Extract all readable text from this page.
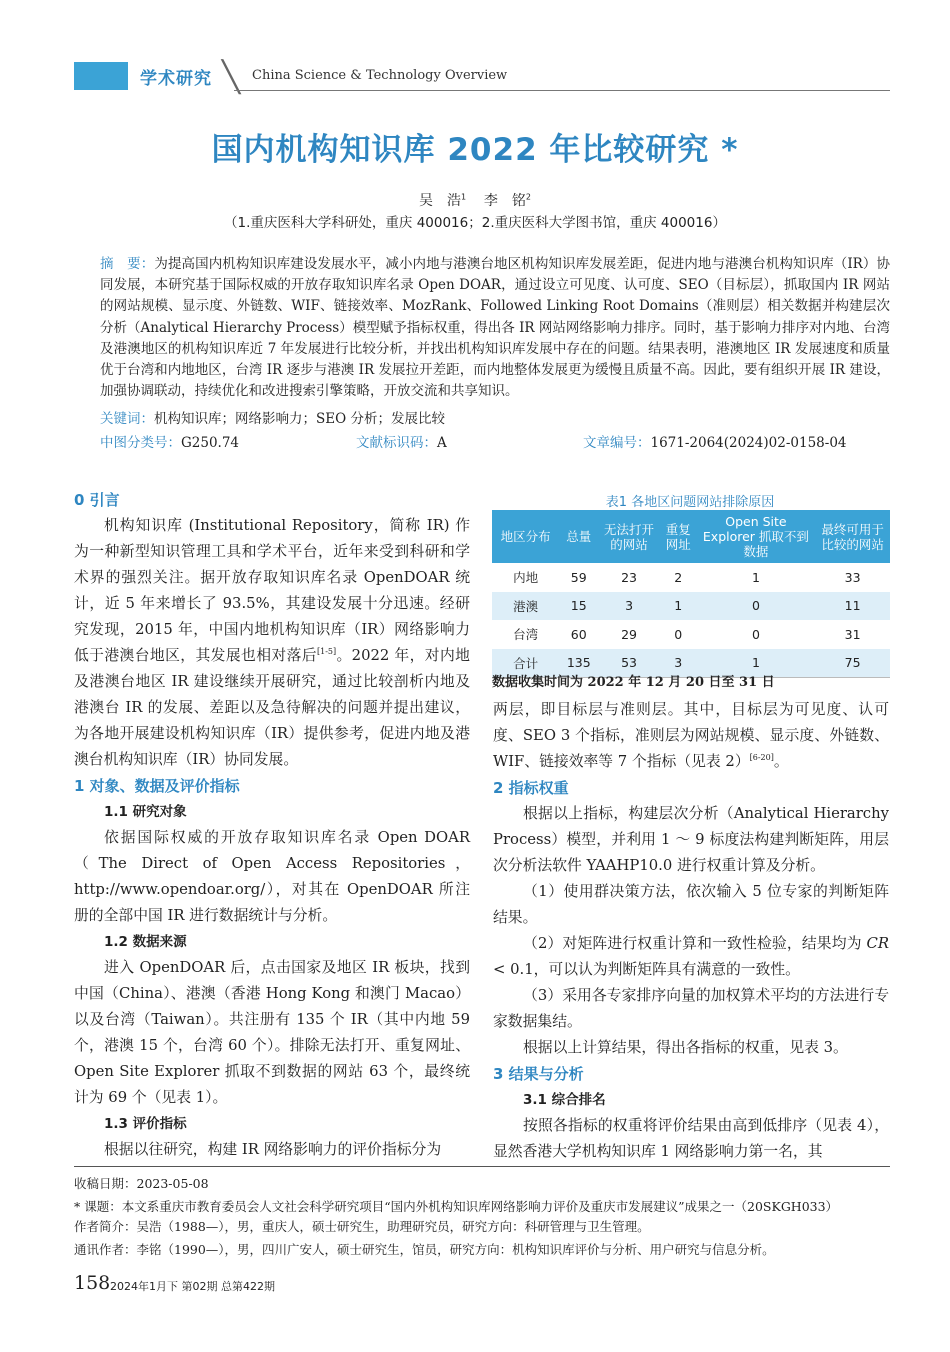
学术研究 ╲ China Science & Technology Overview
国内机构知识库 2022 年比较研究 *
吴　浩$^1$ 李　铭$^2$
（1.重庆医科大学科研处，重庆 400016；2.重庆医科大学图书馆，重庆 400016）
摘　要：为提高国内机构知识库建设发展水平，减小内地与港澳台地区机构知识库发展差距，促进内地与港澳台机构知识库（IR）协同发展，本研究基于国际权威的开放存取知识库名录 Open DOAR，通过设立可见度、认可度、SEO（目标层），抓取国内 IR 网站的网站规模、显示度、外链数、WIF、链接效率、MozRank、Followed Linking Root Domains（准则层）相关数据并构建层次分析（Analytical Hierarchy Process）模型赋予指标权重，得出各 IR 网站网络影响力排序。同时，基于影响力排序对内地、台湾及港澳地区的机构知识库近 7 年发展进行比较分析，并找出机构知识库发展中存在的问题。结果表明，港澳地区 IR 发展速度和质量优于台湾和内地地区，台湾 IR 逐步与港澳 IR 发展拉开差距，而内地整体发展更为缓慢且质量不高。因此，要有组织开展 IR 建设，加强协调联动，持续优化和改进搜索引擎策略，开放交流和共享知识。
关键词：机构知识库；网络影响力；SEO 分析；发展比较
中图分类号：G250.74	文献标识码：A	文章编号：1671-2064(2024)02-0158-04
0 引言

机构知识库 (Institutional Repository，简称 IR) 作为一种新型知识管理工具和学术平台，近年来受到科研和学术界的强烈关注。据开放存取知识库名录 OpenDOAR 统计，近 5 年来增长了 93.5%，其建设发展十分迅速。经研究发现，2015 年，中国内地机构知识库（IR）网络影响力低于港澳台地区，其发展也相对落后[1-5]。2022 年，对内地及港澳台地区 IR 建设继续开展研究，通过比较剖析内地及港澳台 IR 的发展、差距以及急待解决的问题并提出建议，为各地开展建设机构知识库（IR）提供参考，促进内地及港澳台机构知识库（IR）协同发展。

1 对象、数据及评价指标
1.1 研究对象

依据国际权威的开放存取知识库名录 Open DOAR（The Direct of Open Access Repositories，http://www.opendoar.org/），对其在 OpenDOAR 所注册的全部中国 IR 进行数据统计与分析。

1.2 数据来源

进入 OpenDOAR 后，点击国家及地区 IR 板块，找到中国（China）、港澳（香港 Hong Kong 和澳门 Macao）以及台湾（Taiwan）。共注册有 135 个 IR（其中内地 59 个，港澳 15 个，台湾 60 个）。排除无法打开、重复网址、Open Site Explorer 抓取不到数据的网站 63 个，最终统计为 69 个（见表 1）。

1.3 评价指标

根据以往研究，构建 IR 网络影响力的评价指标分为

表1 各地区问题网站排除原因
地区分布	总量	无法打开的网站	重复网址	Open Site Explorer 抓取不到数据	最终可用于比较的网站
内地	59	23	2	1	33
港澳	15	3	1	0	11
台湾	60	29	0	0	31
合计	135	53	3	1	75
数据收集时间为 2022 年 12 月 20 日至 31 日

两层，即目标层与准则层。其中，目标层为可见度、认可度、SEO 3 个指标，准则层为网站规模、显示度、外链数、WIF、链接效率等 7 个指标（见表 2）[6-20]。

2 指标权重

根据以上指标，构建层次分析（Analytical Hierarchy Process）模型，并利用 1 ～ 9 标度法构建判断矩阵，用层次分析法软件 YAAHP10.0 进行权重计算及分析。

（1）使用群决策方法，依次输入 5 位专家的判断矩阵结果。

（2）对矩阵进行权重计算和一致性检验，结果均为 CR < 0.1，可以认为判断矩阵具有满意的一致性。

（3）采用各专家排序向量的加权算术平均的方法进行专家数据集结。

根据以上计算结果，得出各指标的权重，见表 3。

3 结果与分析
3.1 综合排名

按照各指标的权重将评价结果由高到低排序（见表 4），显然香港大学机构知识库 1 网络影响力第一名，其

收稿日期：2023-05-08
* 课题：本文系重庆市教育委员会人文社会科学研究项目“国内外机构知识库网络影响力评价及重庆市发展建议”成果之一（20SKGH033）
作者简介：吴浩（1988—），男，重庆人，硕士研究生，助理研究员，研究方向：科研管理与卫生管理。
通讯作者：李铭（1990—），男，四川广安人，硕士研究生，馆员，研究方向：机构知识库评价与分析、用户研究与信息分析。
158 2024年1月下 第02期 总第422期
